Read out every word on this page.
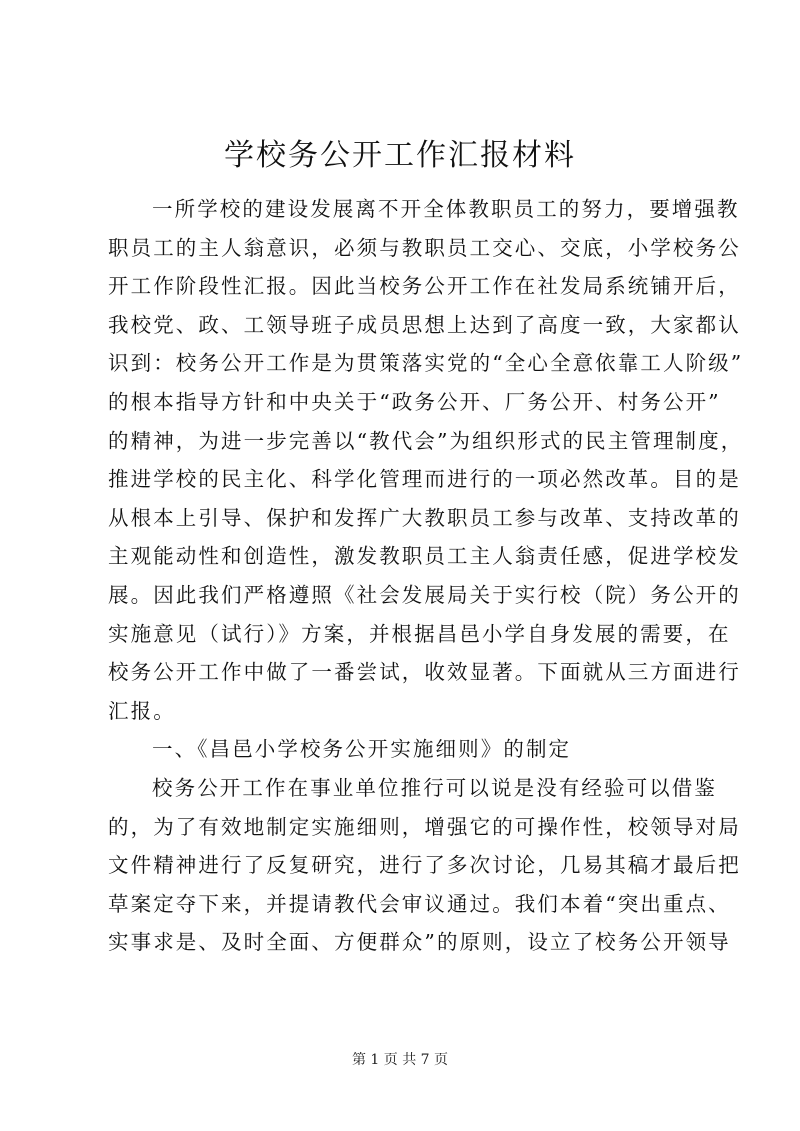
学校务公开工作汇报材料
一所学校的建设发展离不开全体教职员工的努力，要增强教
职员工的主人翁意识，必须与教职员工交心、交底，小学校务公
开工作阶段性汇报。因此当校务公开工作在社发局系统铺开后，
我校党、政、工领导班子成员思想上达到了高度一致，大家都认
识到：校务公开工作是为贯策落实党的“全心全意依靠工人阶级”
的根本指导方针和中央关于“政务公开、厂务公开、村务公开”
的精神，为进一步完善以“教代会”为组织形式的民主管理制度，
推进学校的民主化、科学化管理而进行的一项必然改革。目的是
从根本上引导、保护和发挥广大教职员工参与改革、支持改革的
主观能动性和创造性，激发教职员工主人翁责任感，促进学校发
展。因此我们严格遵照《社会发展局关于实行校（院）务公开的
实施意见（试行）》方案，并根据昌邑小学自身发展的需要，在
校务公开工作中做了一番尝试，收效显著。下面就从三方面进行
汇报。
一、《昌邑小学校务公开实施细则》的制定
校务公开工作在事业单位推行可以说是没有经验可以借鉴
的，为了有效地制定实施细则，增强它的可操作性，校领导对局
文件精神进行了反复研究，进行了多次讨论，几易其稿才最后把
草案定夺下来，并提请教代会审议通过。我们本着“突出重点、
实事求是、及时全面、方便群众”的原则，设立了校务公开领导
第 1 页 共 7 页
